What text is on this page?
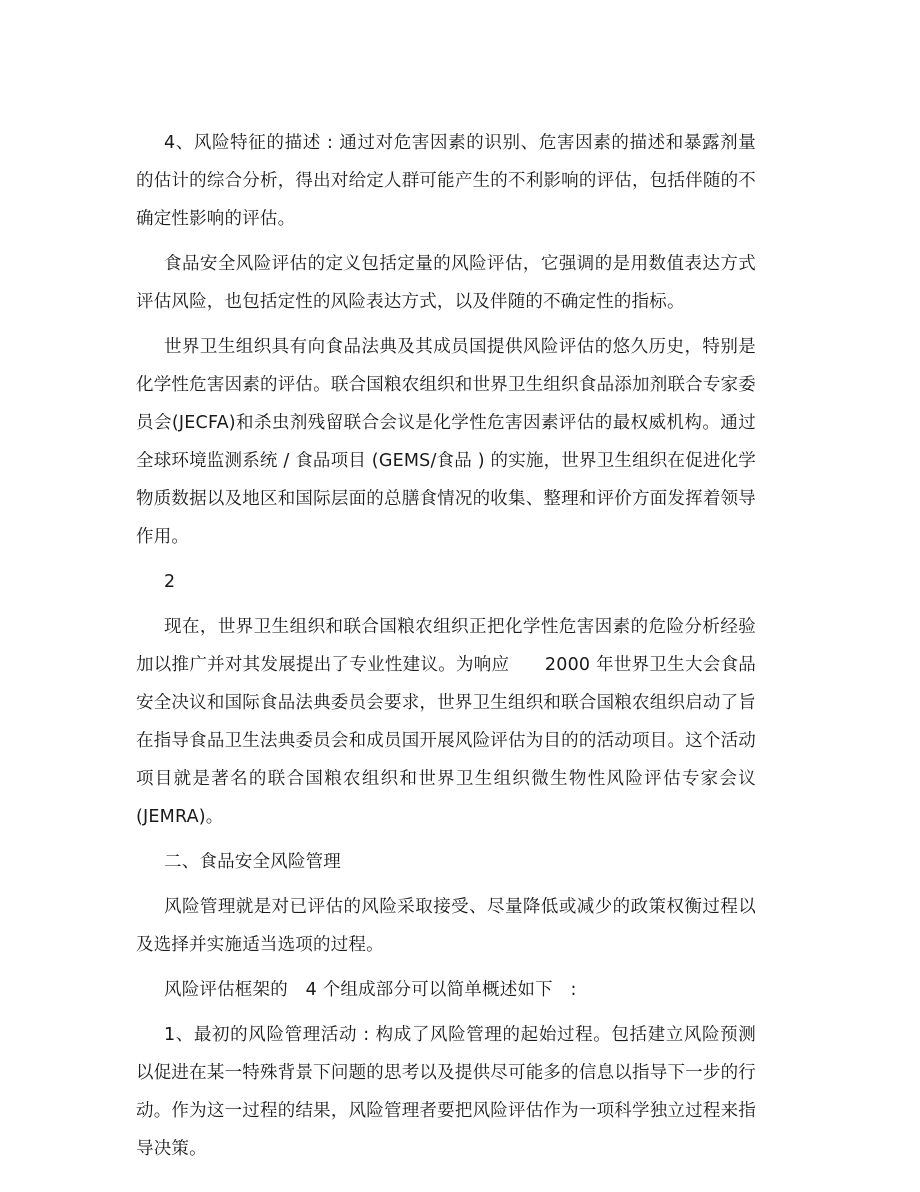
4、风险特征的描述 : 通过对危害因素的识别、危害因素的描述和暴露剂量的估计的综合分析，得出对给定人群可能产生的不利影响的评估，包括伴随的不确定性影响的评估。

食品安全风险评估的定义包括定量的风险评估，它强调的是用数值表达方式评估风险，也包括定性的风险表达方式，以及伴随的不确定性的指标。

世界卫生组织具有向食品法典及其成员国提供风险评估的悠久历史，特别是化学性危害因素的评估。联合国粮农组织和世界卫生组织食品添加剂联合专家委员会(JECFA)和杀虫剂残留联合会议是化学性危害因素评估的最权威机构。通过全球环境监测系统 / 食品项目 (GEMS/食品 ) 的实施，世界卫生组织在促进化学物质数据以及地区和国际层面的总膳食情况的收集、整理和评价方面发挥着领导作用。

2

现在，世界卫生组织和联合国粮农组织正把化学性危害因素的危险分析经验加以推广并对其发展提出了专业性建议。为响应　　2000 年世界卫生大会食品安全决议和国际食品法典委员会要求，世界卫生组织和联合国粮农组织启动了旨在指导食品卫生法典委员会和成员国开展风险评估为目的的活动项目。这个活动项目就是著名的联合国粮农组织和世界卫生组织微生物性风险评估专家会议　　(JEMRA)。

二、食品安全风险管理

风险管理就是对已评估的风险采取接受、尽量降低或减少的政策权衡过程以及选择并实施适当选项的过程。

风险评估框架的　4 个组成部分可以简单概述如下　:

1、最初的风险管理活动 : 构成了风险管理的起始过程。包括建立风险预测以促进在某一特殊背景下问题的思考以及提供尽可能多的信息以指导下一步的行动。作为这一过程的结果，风险管理者要把风险评估作为一项科学独立过程来指导决策。
